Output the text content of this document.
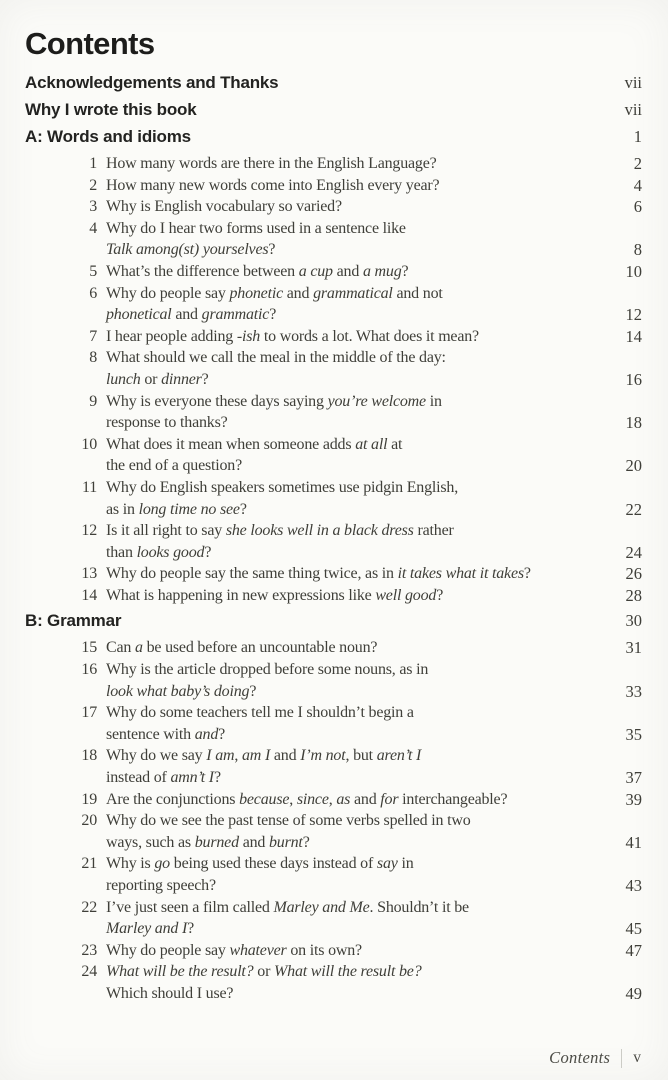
Contents
Acknowledgements and Thanks	vii
Why I wrote this book	vii
A: Words and idioms	1
1 How many words are there in the English Language?	2
2 How many new words come into English every year?	4
3 Why is English vocabulary so varied?	6
4 Why do I hear two forms used in a sentence like
Talk among(st) yourselves?	8
5 What’s the difference between a cup and a mug?	10
6 Why do people say phonetic and grammatical and not
phonetical and grammatic?	12
7 I hear people adding -ish to words a lot. What does it mean?	14
8 What should we call the meal in the middle of the day:
lunch or dinner?	16
9 Why is everyone these days saying you’re welcome in
response to thanks?	18
10 What does it mean when someone adds at all at
the end of a question?	20
11 Why do English speakers sometimes use pidgin English,
as in long time no see?	22
12 Is it all right to say she looks well in a black dress rather
than looks good?	24
13 Why do people say the same thing twice, as in it takes what it takes?	26
14 What is happening in new expressions like well good?	28
B: Grammar	30
15 Can a be used before an uncountable noun?	31
16 Why is the article dropped before some nouns, as in
look what baby’s doing?	33
17 Why do some teachers tell me I shouldn’t begin a
sentence with and?	35
18 Why do we say I am, am I and I’m not, but aren’t I
instead of amn’t I?	37
19 Are the conjunctions because, since, as and for interchangeable?	39
20 Why do we see the past tense of some verbs spelled in two
ways, such as burned and burnt?	41
21 Why is go being used these days instead of say in
reporting speech?	43
22 I’ve just seen a film called Marley and Me. Shouldn’t it be
Marley and I?	45
23 Why do people say whatever on its own?	47
24 What will be the result? or What will the result be?
Which should I use?	49
Contents v
